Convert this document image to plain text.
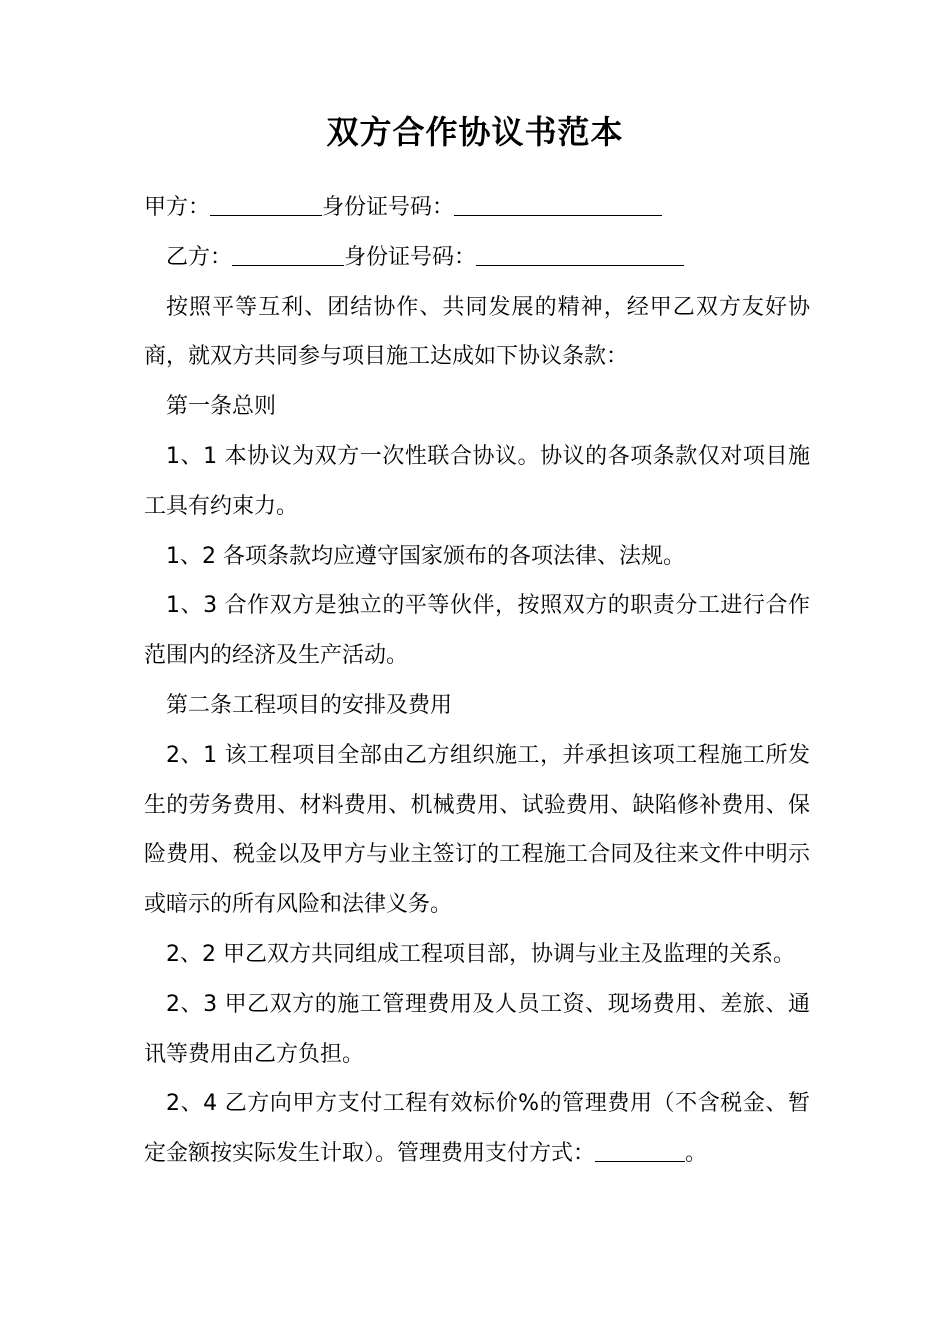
双方合作协议书范本

甲方：	身份证号码：

乙方：	身份证号码：

按照平等互利、团结协作、共同发展的精神，经甲乙双方友好协商，就双方共同参与项目施工达成如下协议条款：

第一条总则

1、1 本协议为双方一次性联合协议。协议的各项条款仅对项目施工具有约束力。

1、2 各项条款均应遵守国家颁布的各项法律、法规。

1、3 合作双方是独立的平等伙伴，按照双方的职责分工进行合作范围内的经济及生产活动。

第二条工程项目的安排及费用

2、1 该工程项目全部由乙方组织施工，并承担该项工程施工所发生的劳务费用、材料费用、机械费用、试验费用、缺陷修补费用、保险费用、税金以及甲方与业主签订的工程施工合同及往来文件中明示或暗示的所有风险和法律义务。

2、2 甲乙双方共同组成工程项目部，协调与业主及监理的关系。

2、3 甲乙双方的施工管理费用及人员工资、现场费用、差旅、通讯等费用由乙方负担。

2、4 乙方向甲方支付工程有效标价%的管理费用（不含税金、暂定金额按实际发生计取）。管理费用支付方式：	。
